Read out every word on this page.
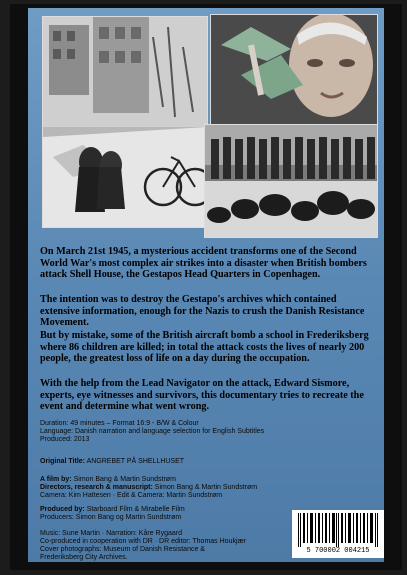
On March 21st 1945, a mysterious accident transforms one of the Second World War's most complex air strikes into a disaster when British bombers attack Shell House, the Gestapos Head Quarters in Copenhagen.

The intention was to destroy the Gestapo's archives which contained extensive information, enough for the Nazis to crush the Danish Resistance Movement.

But by mistake, some of the British aircraft bomb a school in Frederiksberg where 86 children are killed; in total the attack costs the lives of nearly 200 people, the greatest loss of life on a day during the occupation.

With the help from the Lead Navigator on the attack, Edward Sismore, experts, eye witnesses and survivors, this documentary tries to recreate the event and determine what went wrong.

Duration: 49 minutes – Format 16:9 - B/W & Colour

Language: Danish narration and language selection for English Subtitles

Produced: 2013

Original Title: ANGREBET PÅ SHELLHUSET

A film by: Simon Bang & Martin Sundstrøm

Directors, research & manuscript: Simon Bang & Martin Sundstrøm

Camera: Kim Hattesen · Edit & Camera: Martin Sundstrøm

Produced by: Starboard Film & Mirabelle Film

Producers: Simon Bang og Martin Sundstrøm

Music: Sune Martin · Narration: Kåre Rygaard

Co-produced in cooperation with DR · DR editor: Thomas Houkjær

Cover photographs: Museum of Danish Resistance &

Frederiksberg City Archives.

5 700002 004215
